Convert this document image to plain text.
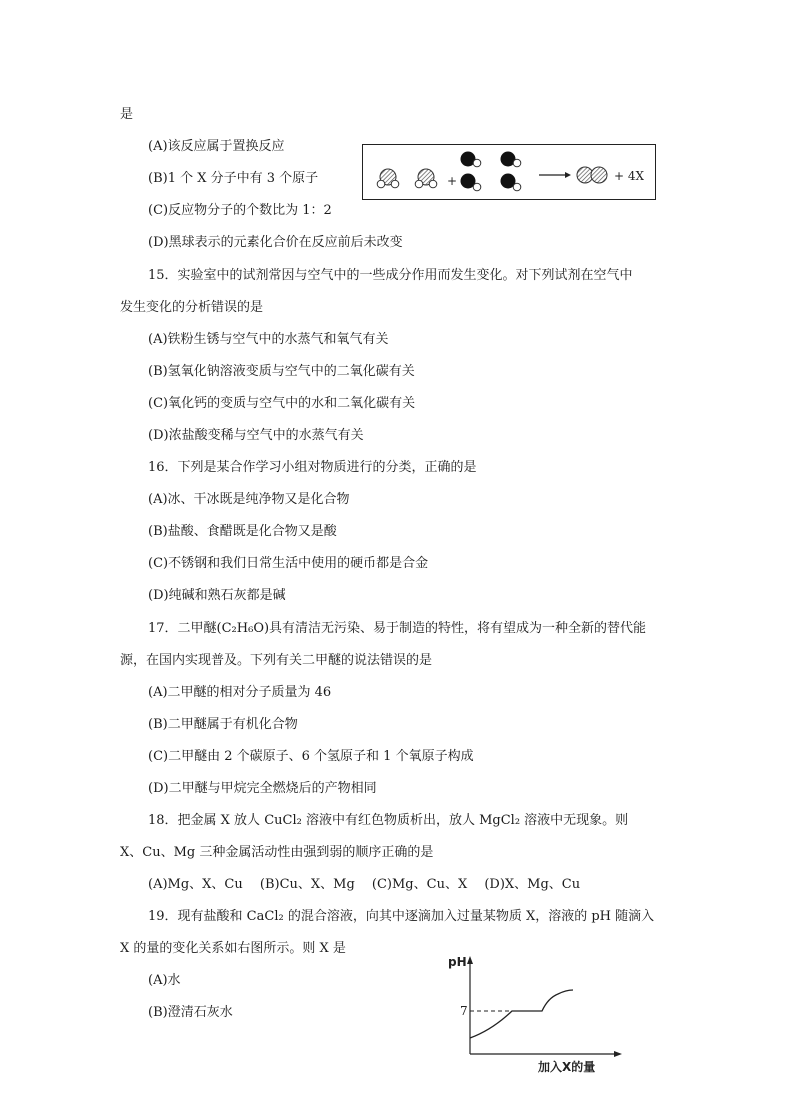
是
(A)该反应属于置换反应
(B)1 个 X 分子中有 3 个原子
(C)反应物分子的个数比为 1：2
(D)黑球表示的元素化合价在反应前后未改变
15．实验室中的试剂常因与空气中的一些成分作用而发生变化。对下列试剂在空气中
发生变化的分析错误的是
(A)铁粉生锈与空气中的水蒸气和氧气有关
(B)氢氧化钠溶液变质与空气中的二氧化碳有关
(C)氧化钙的变质与空气中的水和二氧化碳有关
(D)浓盐酸变稀与空气中的水蒸气有关
16．下列是某合作学习小组对物质进行的分类，正确的是
(A)冰、干冰既是纯净物又是化合物
(B)盐酸、食醋既是化合物又是酸
(C)不锈钢和我们日常生活中使用的硬币都是合金
(D)纯碱和熟石灰都是碱
17．二甲醚(C₂H₆O)具有清洁无污染、易于制造的特性，将有望成为一种全新的替代能
源，在国内实现普及。下列有关二甲醚的说法错误的是
(A)二甲醚的相对分子质量为 46
(B)二甲醚属于有机化合物
(C)二甲醚由 2 个碳原子、6 个氢原子和 1 个氧原子构成
(D)二甲醚与甲烷完全燃烧后的产物相同
18．把金属 X 放人 CuCl₂ 溶液中有红色物质析出，放人 MgCl₂ 溶液中无现象。则
X、Cu、Mg 三种金属活动性由强到弱的顺序正确的是
(A)Mg、X、Cu　 (B)Cu、X、Mg　 (C)Mg、Cu、X　 (D)X、Mg、Cu
19．现有盐酸和 CaCl₂ 的混合溶液，向其中逐滴加入过量某物质 X，溶液的 pH 随滴入
X 的量的变化关系如右图所示。则 X 是
(A)水
(B)澄清石灰水
+	+ 4X
pH
7
加入X的量
